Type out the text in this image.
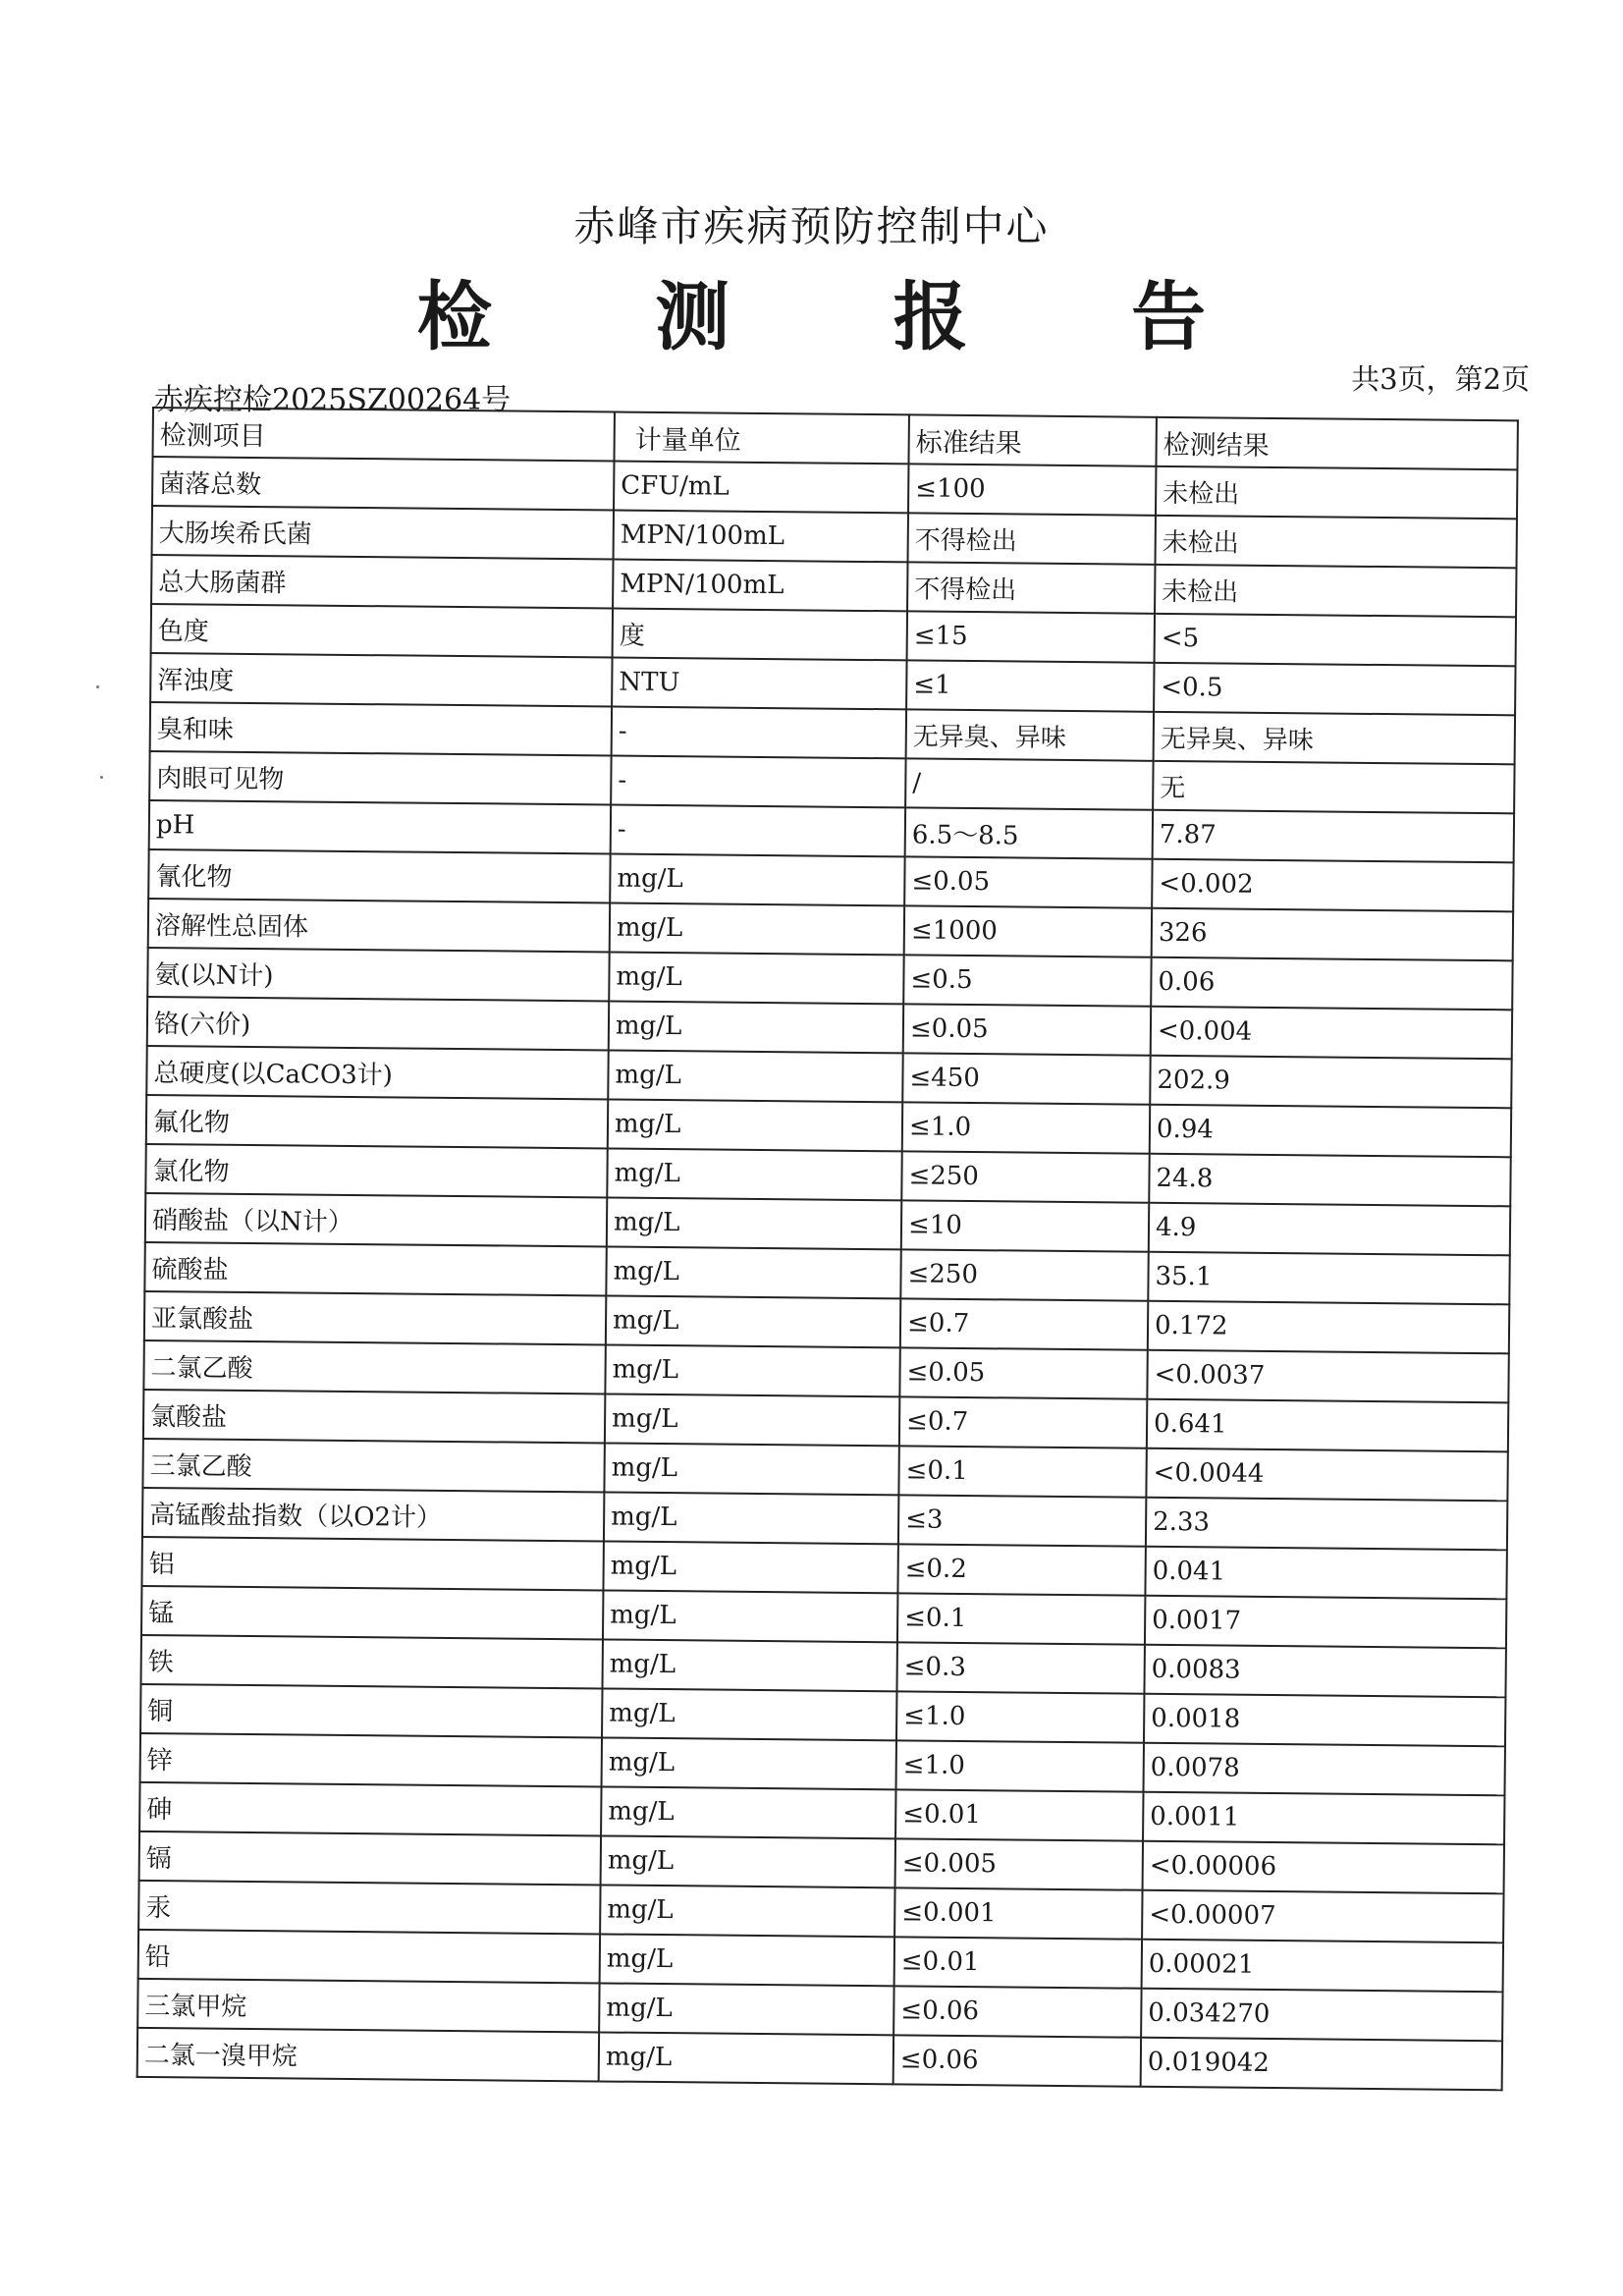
赤峰市疾病预防控制中心
检 测 报 告
赤疾控检2025SZ00264号
共3页，第2页
检测项目	计量单位	标准结果	检测结果
菌落总数	CFU/mL	≤100	未检出
大肠埃希氏菌	MPN/100mL	不得检出	未检出
总大肠菌群	MPN/100mL	不得检出	未检出
色度	度	≤15	<5
浑浊度	NTU	≤1	<0.5
臭和味	-	无异臭、异味	无异臭、异味
肉眼可见物	-	/	无
pH	-	6.5～8.5	7.87
氰化物	mg/L	≤0.05	<0.002
溶解性总固体	mg/L	≤1000	326
氨(以N计)	mg/L	≤0.5	0.06
铬(六价)	mg/L	≤0.05	<0.004
总硬度(以CaCO3计)	mg/L	≤450	202.9
氟化物	mg/L	≤1.0	0.94
氯化物	mg/L	≤250	24.8
硝酸盐（以N计）	mg/L	≤10	4.9
硫酸盐	mg/L	≤250	35.1
亚氯酸盐	mg/L	≤0.7	0.172
二氯乙酸	mg/L	≤0.05	<0.0037
氯酸盐	mg/L	≤0.7	0.641
三氯乙酸	mg/L	≤0.1	<0.0044
高锰酸盐指数（以O2计）	mg/L	≤3	2.33
铝	mg/L	≤0.2	0.041
锰	mg/L	≤0.1	0.0017
铁	mg/L	≤0.3	0.0083
铜	mg/L	≤1.0	0.0018
锌	mg/L	≤1.0	0.0078
砷	mg/L	≤0.01	0.0011
镉	mg/L	≤0.005	<0.00006
汞	mg/L	≤0.001	<0.00007
铅	mg/L	≤0.01	0.00021
三氯甲烷	mg/L	≤0.06	0.034270
二氯一溴甲烷	mg/L	≤0.06	0.019042
